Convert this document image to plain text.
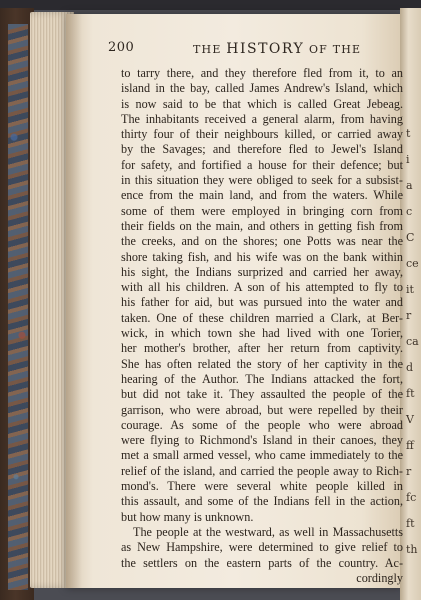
t
i
a
c
C
ce
it
r
ca
d
ft
V
ff
r
fc
ft
th
200	THE HISTORY OF THE
to tarry there, and they therefore fled from it, to an
island in the bay, called James Andrew's Island, which
is now said to be that which is called Great Jebeag.
The inhabitants received a general alarm, from having
thirty four of their neighbours killed, or carried away
by the Savages; and therefore fled to Jewel's Island
for safety, and fortified a house for their defence; but
in this situation they were obliged to seek for a subsist-
ence from the main land, and from the waters. While
some of them were employed in bringing corn from
their fields on the main, and others in getting fish from
the creeks, and on the shores; one Potts was near the
shore taking fish, and his wife was on the bank within
his sight, the Indians surprized and carried her away,
with all his children. A son of his attempted to fly to
his father for aid, but was pursued into the water and
taken. One of these children married a Clark, at Ber-
wick, in which town she had lived with one Torier,
her mother's brother, after her return from captivity.
She has often related the story of her captivity in the
hearing of the Author. The Indians attacked the fort,
but did not take it. They assaulted the people of the
garrison, who were abroad, but were repelled by their
courage. As some of the people who were abroad
were flying to Richmond's Island in their canoes, they
met a small armed vessel, who came immediately to the
relief of the island, and carried the people away to Rich-
mond's. There were several white people killed in
this assault, and some of the Indians fell in the action,
but how many is unknown.
The people at the westward, as well in Massachusetts
as New Hampshire, were determined to give relief to
the settlers on the eastern parts of the country. Ac-
cordingly
